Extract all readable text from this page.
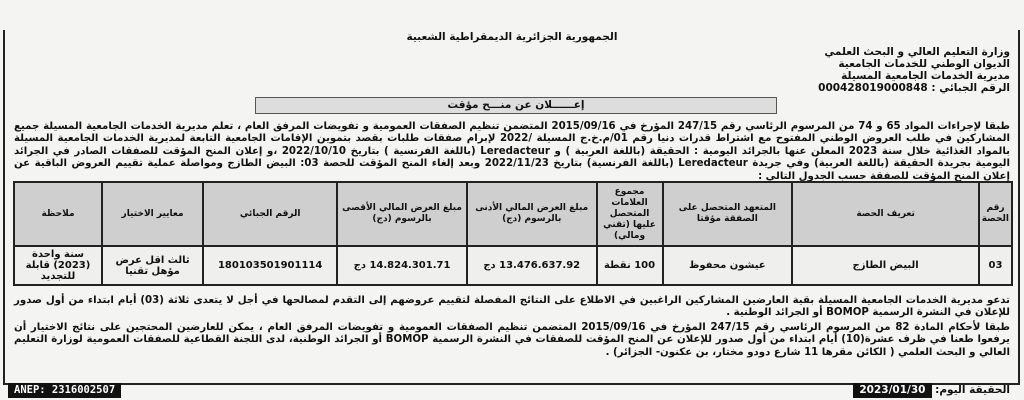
الجمهورية الجزائرية الديمقراطية الشعبية
وزارة التعليم العالي و البحث العلمي
الديوان الوطني للخدمات الجامعية
مديرية الخدمات الجامعية المسيلة
الرقم الجبائي : 000428019000848
إعــــــلان عن منـــح مؤقت
طبقا لإجراءات المواد 65 و 74 من المرسوم الرئاسي رقم 247/15 المؤرخ في 2015/09/16 المتضمن تنظيم الصفقات العمومية و تفويضات المرفق العام ، تعلم مديرية الخدمات الجامعية المسيلة جميع المشاركين في طلب العروض الوطني المفتوح مع اشتراط قدرات دنيا رقم 01/م.خ.ج المسيلة /2022 لإبرام صفقات طلبات بقصد بتموين الإقامات الجامعية التابعة لمديرية الخدمات الجامعية المسيلة بالمواد الغذائية خلال سنة 2023 المعلن عنها بالجرائد اليومية : الحقيقة (باللغة العربية ) و Leredacteur (باللغة الفرنسية ) بتاريخ 2022/10/10 ،و إعلان المنح المؤقت للصفقات الصادر في الجرائد اليومية بجريدة الحقيقة (باللغة العربية) وفي جريدة Leredacteur (باللغة الفرنسية) بتاريخ 2022/11/23 وبعد إلغاء المنح المؤقت للحصة 03: البيض الطازج ومواصلة عملية تقييم العروض الباقية عن إعلان المنح المؤقت للصفقة حسب الجدول التالي :
رقم الحصة	تعريف الحصة	المتعهد المتحصل على الصفقة مؤقتا	مجموع العلامات المتحصل عليها (تقني ومالي)	مبلغ العرض المالي الأدنى بالرسوم (دج)	مبلغ العرض المالي الأقصى بالرسوم (دج)	الرقم الجبائي	معايير الاختيار	ملاحظة
03	البيض الطازج	عيشون محفوظ	100 نقطة	13.476.637.92 دج	14.824.301.71 دج	180103501901114	ثالث اقل عرض مؤهل تقنيا	سنة واحدة (2023) قابلة للتجديد
تدعو مديرية الخدمات الجامعية المسيلة بقية العارضين المشاركين الراغبين في الاطلاع على النتائج المفصلة لتقييم عروضهم إلى التقدم لمصالحها في أجل لا يتعدى ثلاثة (03) أيام ابتداء من أول صدور للإعلان في النشرة الرسمية BOMOP أو الجرائد الوطنية .
طبقا لأحكام المادة 82 من المرسوم الرئاسي رقم 247/15 المؤرخ في 2015/09/16 المتضمن تنظيم الصفقات العمومية و تفويضات المرفق العام ، يمكن للعارضين المحتجين على نتائج الاختيار أن يرفعوا طعنا في ظرف عشرة(10) أيام ابتداء من أول صدور للإعلان عن المنح المؤقت للصفقات في النشرة الرسمية BOMOP أو الجرائد الوطنية، لدى اللجنة القطاعية للصفقات العمومية لوزارة التعليم العالي و البحث العلمي ( الكائن مقرها 11 شارع دودو مختار، بن عكنون- الجزائر) .
ANEP: 2316002507	الحقيقة اليوم: 2023/01/30
